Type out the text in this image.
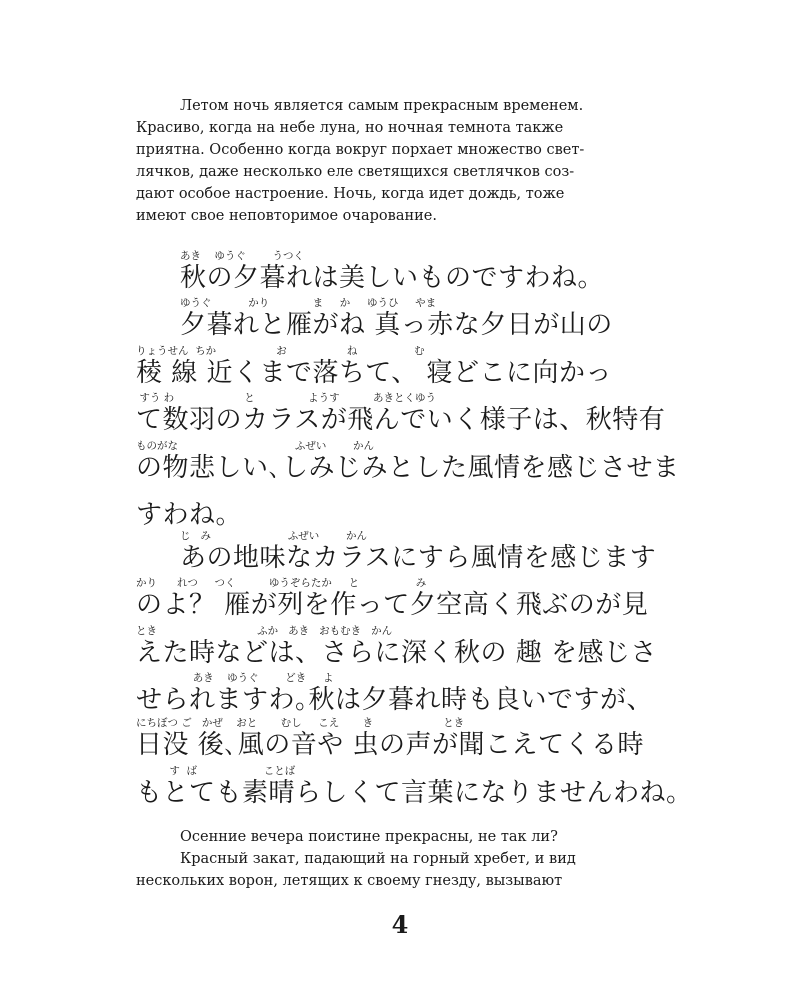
Летом ночь является самым прекрасным временем.
Красиво, когда на небе луна, но ночная темнота также
приятна. Особенно когда вокруг порхает множество свет-
лячков, даже несколько еле светящихся светлячков соз-
дают особое настроение. Ночь, когда идет дождь, тоже
имеют свое неповторимое очарование.
あき    ゆうぐ        うつく
秋の夕暮れは美しいものですわね。
ゆうぐ           かり             ま     か     ゆうひ     やま
夕暮れと雁がね 真っ赤な夕日が山の
りょうせん  ちか                  お                  ね                 む
稜 線 近くまで落ちて、 寝どこに向かっ
すう わ                     と                ようす          あきとくゆう
て数羽のカラスが飛んでいく様子は、秋特有
ものがな                                   ふぜい        かん
の物悲しい､しみじみとした風情を感じさせま
すわね。
じ   み                       ふぜい        かん
あの地味なカラスにすら風情を感じます
かり      れつ     つく          ゆうぞらたか     と                 み
のよ？ 雁が列を作って夕空高く飛ぶのが見
とき                              ふか   あき   おもむき   かん
えた時などは、さらに深く秋の 趣 を感じさ
あき    ゆうぐ        どき     よ
せられますわ｡秋は夕暮れ時も良いですが、
にちぼつ ご   かぜ    おと       むし     こえ       き                     とき
日没 後､風の音や 虫の声が聞こえてくる時
す  ば                    ことば
もとても素晴らしくて言葉になりませんわね。
Осенние вечера поистине прекрасны, не так ли?
Красный закат, падающий на горный хребет, и вид
нескольких ворон, летящих к своему гнезду, вызывают
4
